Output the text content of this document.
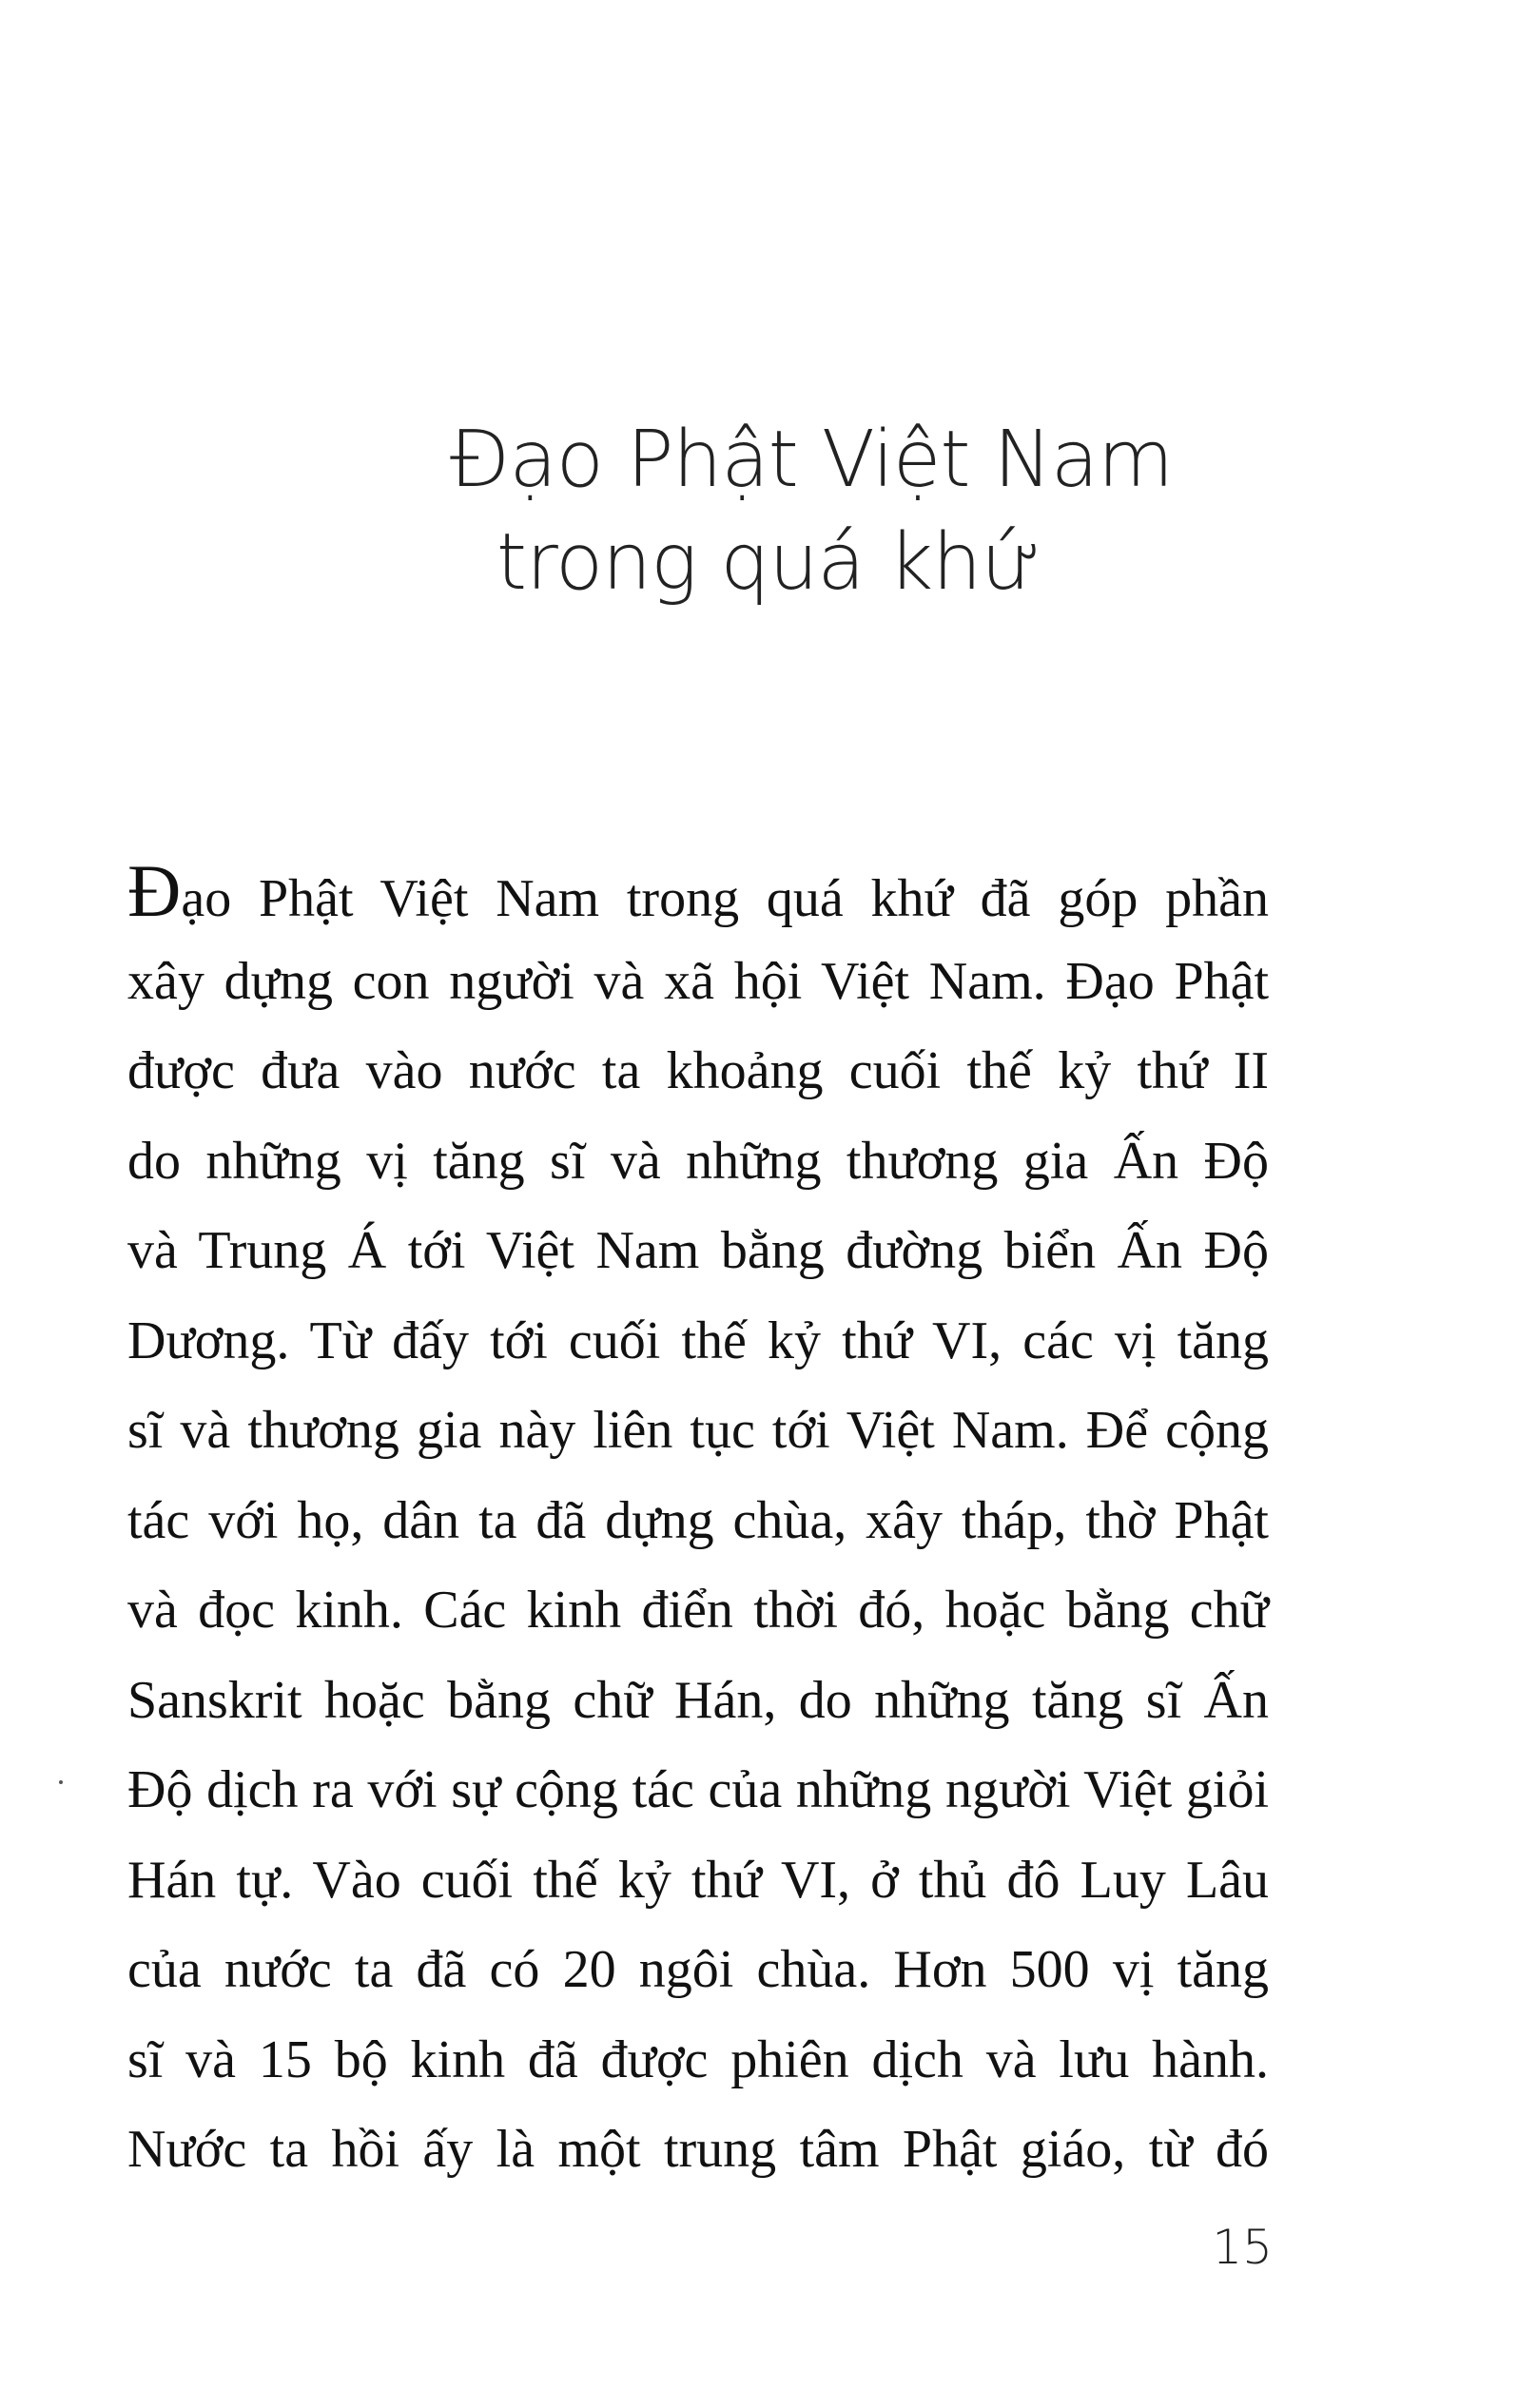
Đạo Phật Việt Nam
trong quá khứ
Đạo Phật Việt Nam trong quá khứ đã góp phần
xây dựng con người và xã hội Việt Nam. Đạo Phật
được đưa vào nước ta khoảng cuối thế kỷ thứ II
do những vị tăng sĩ và những thương gia Ấn Độ
và Trung Á tới Việt Nam bằng đường biển Ấn Độ
Dương. Từ đấy tới cuối thế kỷ thứ VI, các vị tăng
sĩ và thương gia này liên tục tới Việt Nam. Để cộng
tác với họ, dân ta đã dựng chùa, xây tháp, thờ Phật
và đọc kinh. Các kinh điển thời đó, hoặc bằng chữ
Sanskrit hoặc bằng chữ Hán, do những tăng sĩ Ấn
Độ dịch ra với sự cộng tác của những người Việt giỏi
Hán tự. Vào cuối thế kỷ thứ VI, ở thủ đô Luy Lâu
của nước ta đã có 20 ngôi chùa. Hơn 500 vị tăng
sĩ và 15 bộ kinh đã được phiên dịch và lưu hành.
Nước ta hồi ấy là một trung tâm Phật giáo, từ đó
15
